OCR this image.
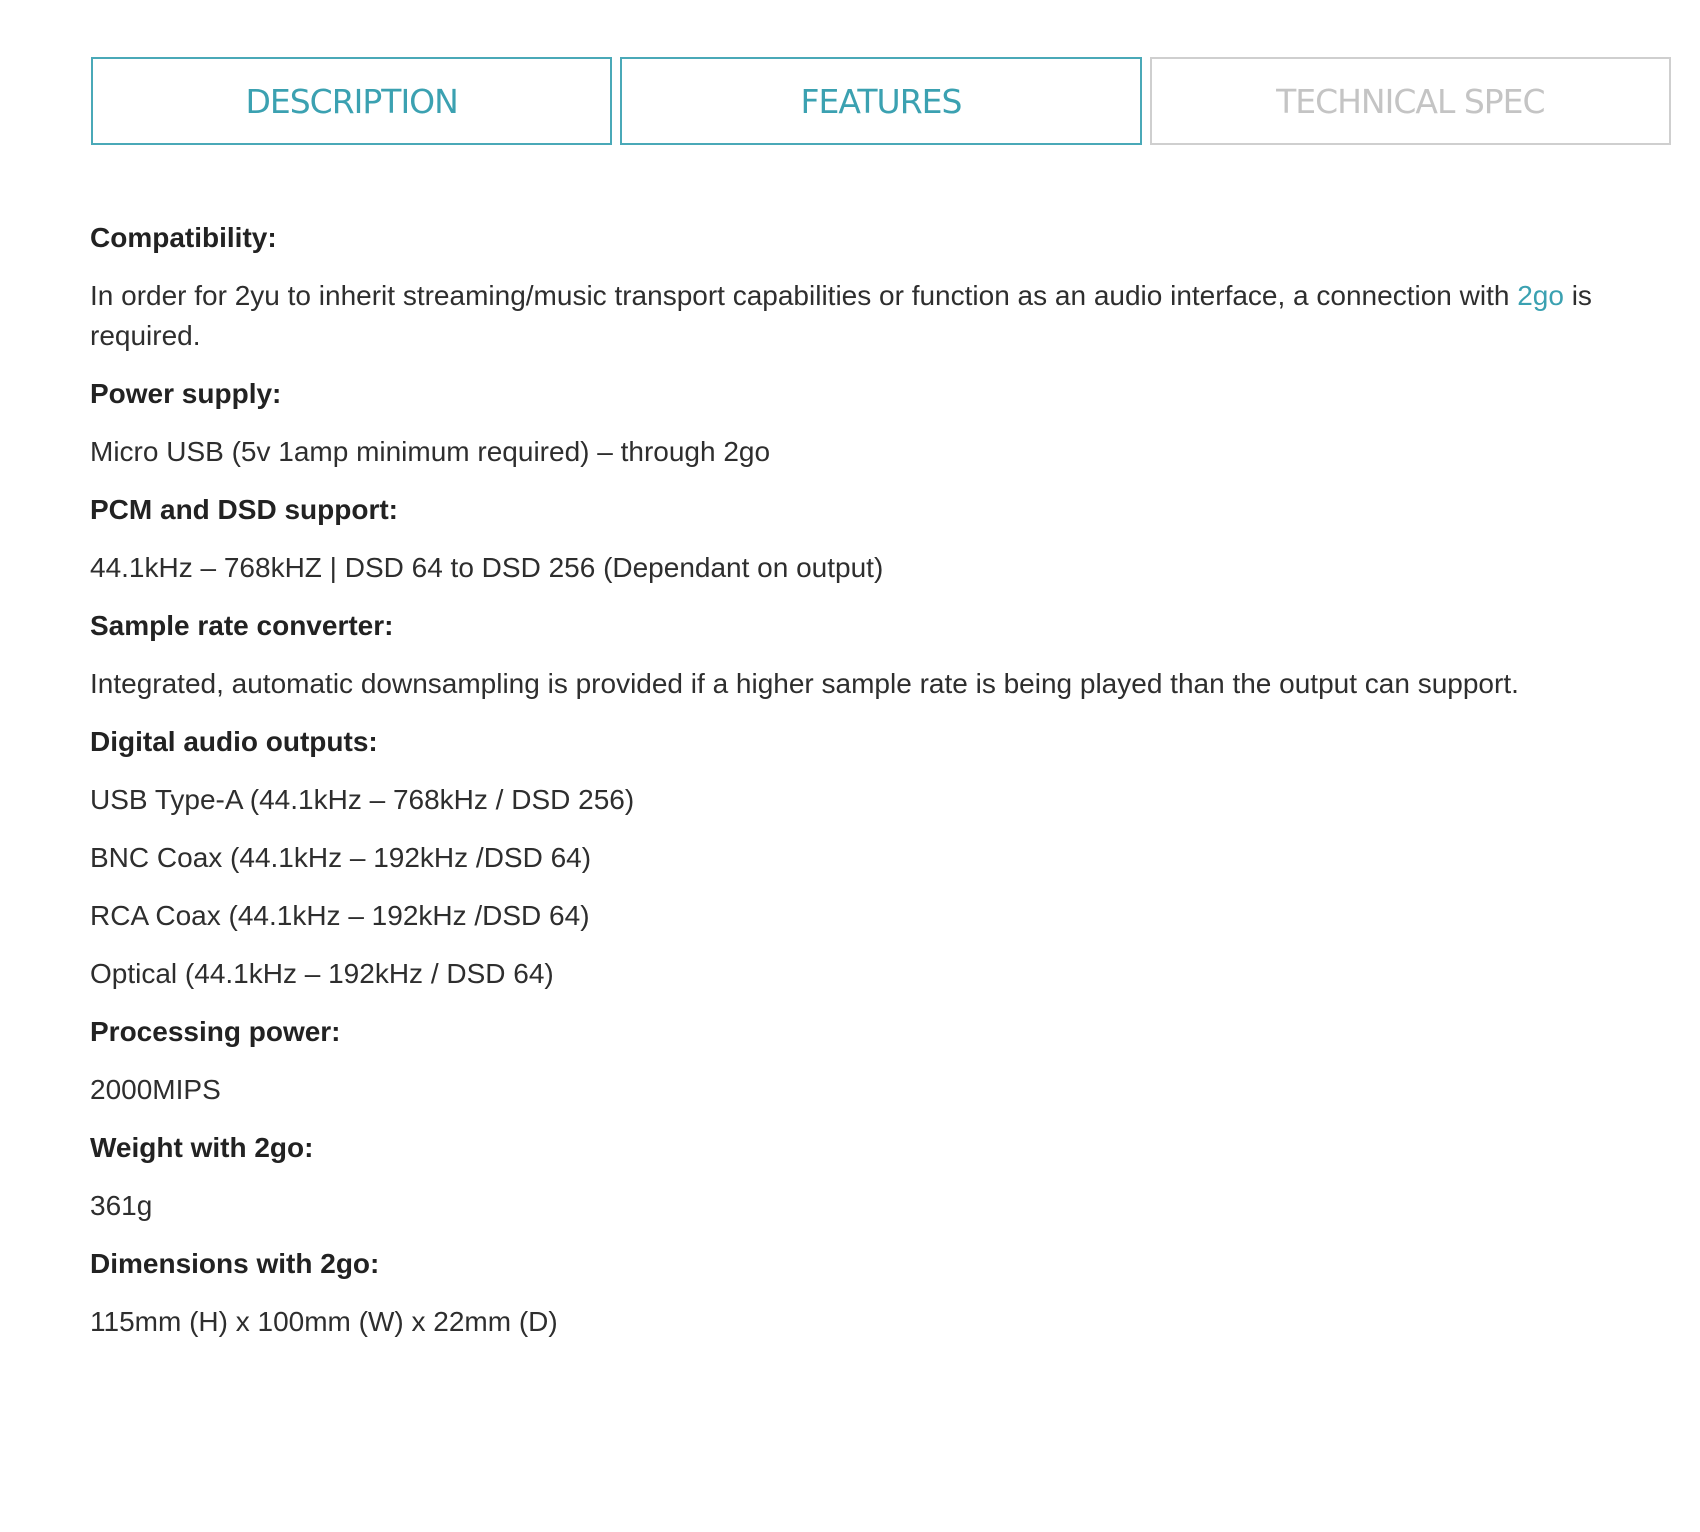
DESCRIPTION	FEATURES	TECHNICAL SPEC
Compatibility:
In order for 2yu to inherit streaming/music transport capabilities or function as an audio interface, a connection with 2go is required.
Power supply:
Micro USB (5v 1amp minimum required) – through 2go
PCM and DSD support:
44.1kHz – 768kHZ | DSD 64 to DSD 256 (Dependant on output)
Sample rate converter:
Integrated, automatic downsampling is provided if a higher sample rate is being played than the output can support.
Digital audio outputs:
USB Type-A (44.1kHz – 768kHz / DSD 256)
BNC Coax (44.1kHz – 192kHz /DSD 64)
RCA Coax (44.1kHz – 192kHz /DSD 64)
Optical (44.1kHz – 192kHz / DSD 64)
Processing power:
2000MIPS
Weight with 2go:
361g
Dimensions with 2go:
115mm (H) x 100mm (W) x 22mm (D)
